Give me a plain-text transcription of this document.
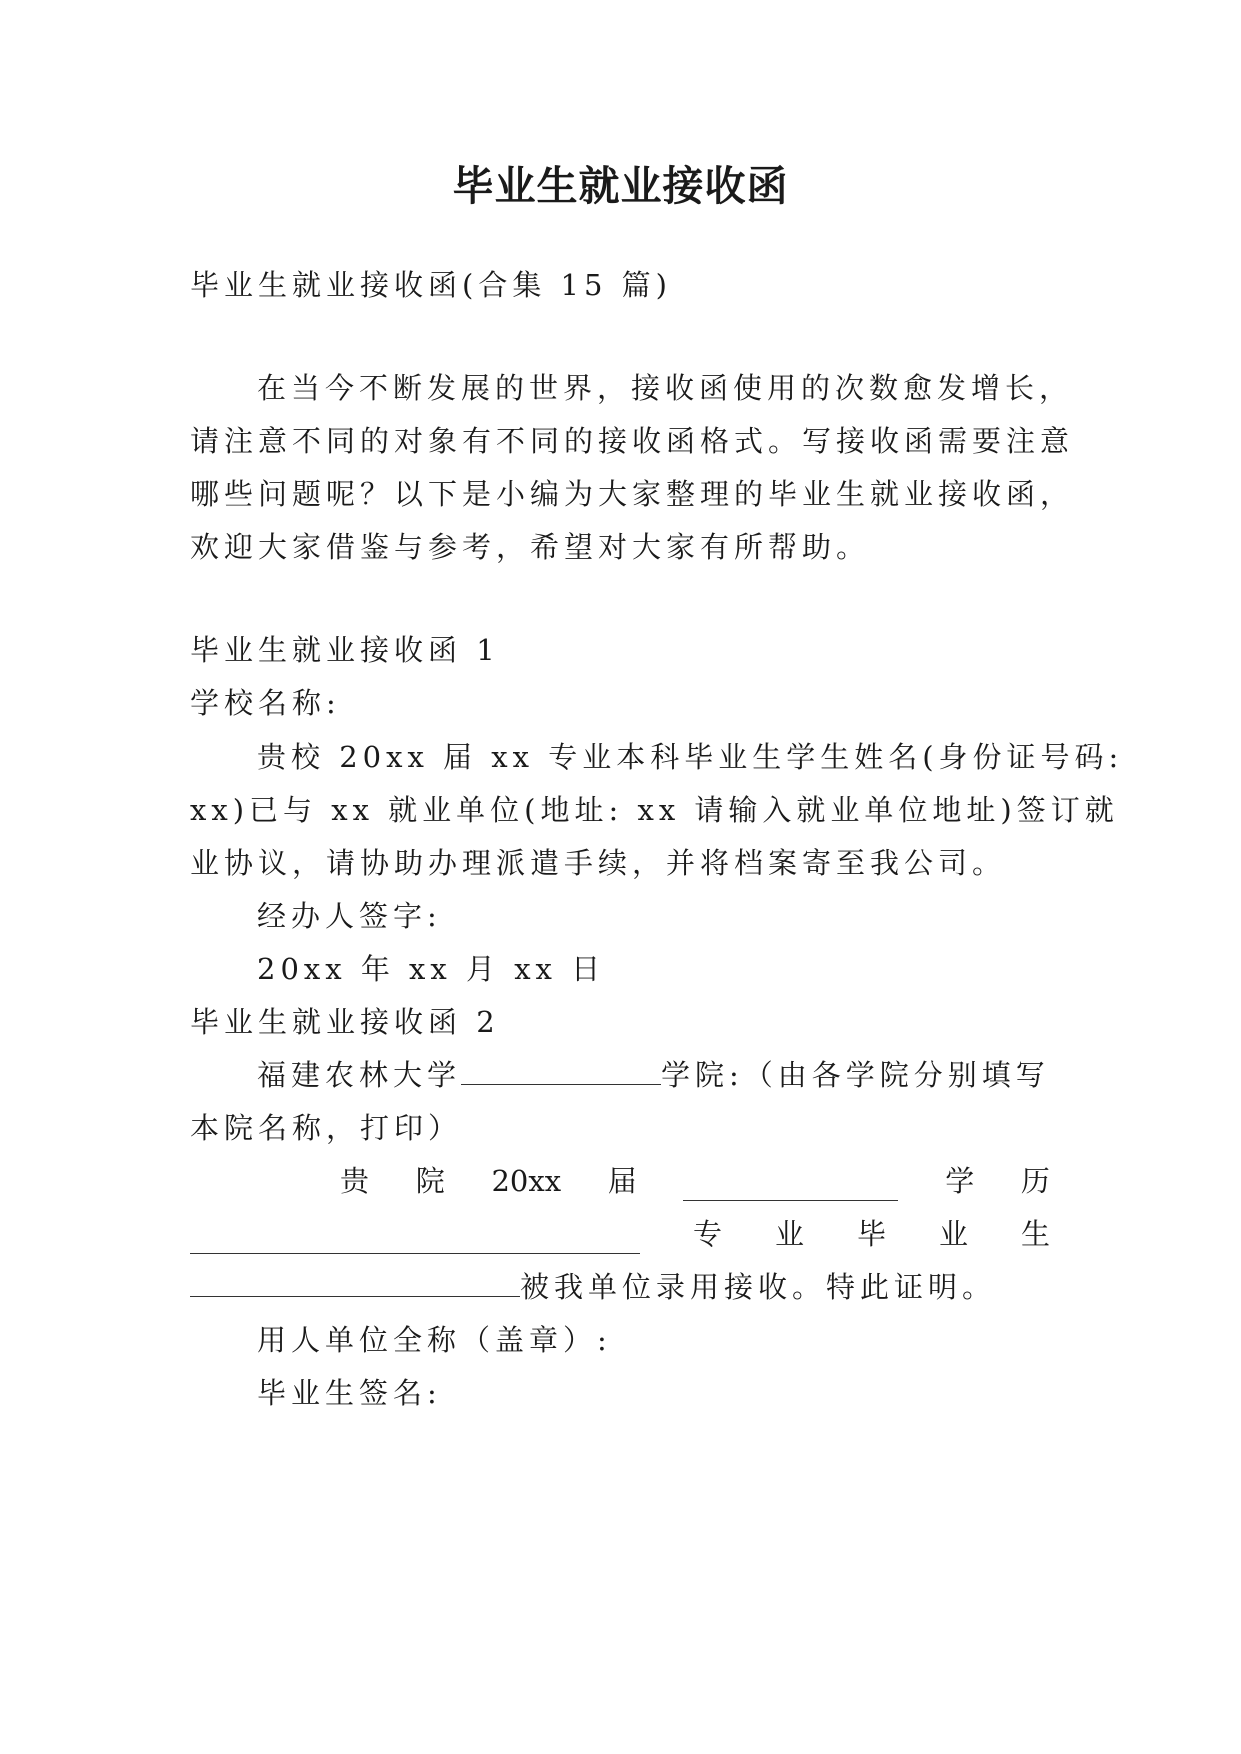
毕业生就业接收函
毕业生就业接收函(合集 15 篇)
在当今不断发展的世界，接收函使用的次数愈发增长，
请注意不同的对象有不同的接收函格式。写接收函需要注意
哪些问题呢？以下是小编为大家整理的毕业生就业接收函，
欢迎大家借鉴与参考，希望对大家有所帮助。
毕业生就业接收函 1
学校名称:
贵校 20xx 届 xx 专业本科毕业生学生姓名(身份证号码:
xx)已与 xx 就业单位(地址: xx 请输入就业单位地址)签订就
业协议，请协助办理派遣手续，并将档案寄至我公司。
经办人签字:
20xx 年 xx 月 xx 日
毕业生就业接收函 2
福建农林大学	学院:（由各学院分别填写
本院名称，打印）
贵 院 20xx 届	学 历
专 业 毕 业 生
被我单位录用接收。特此证明。
用人单位全称（盖章）:
毕业生签名:
